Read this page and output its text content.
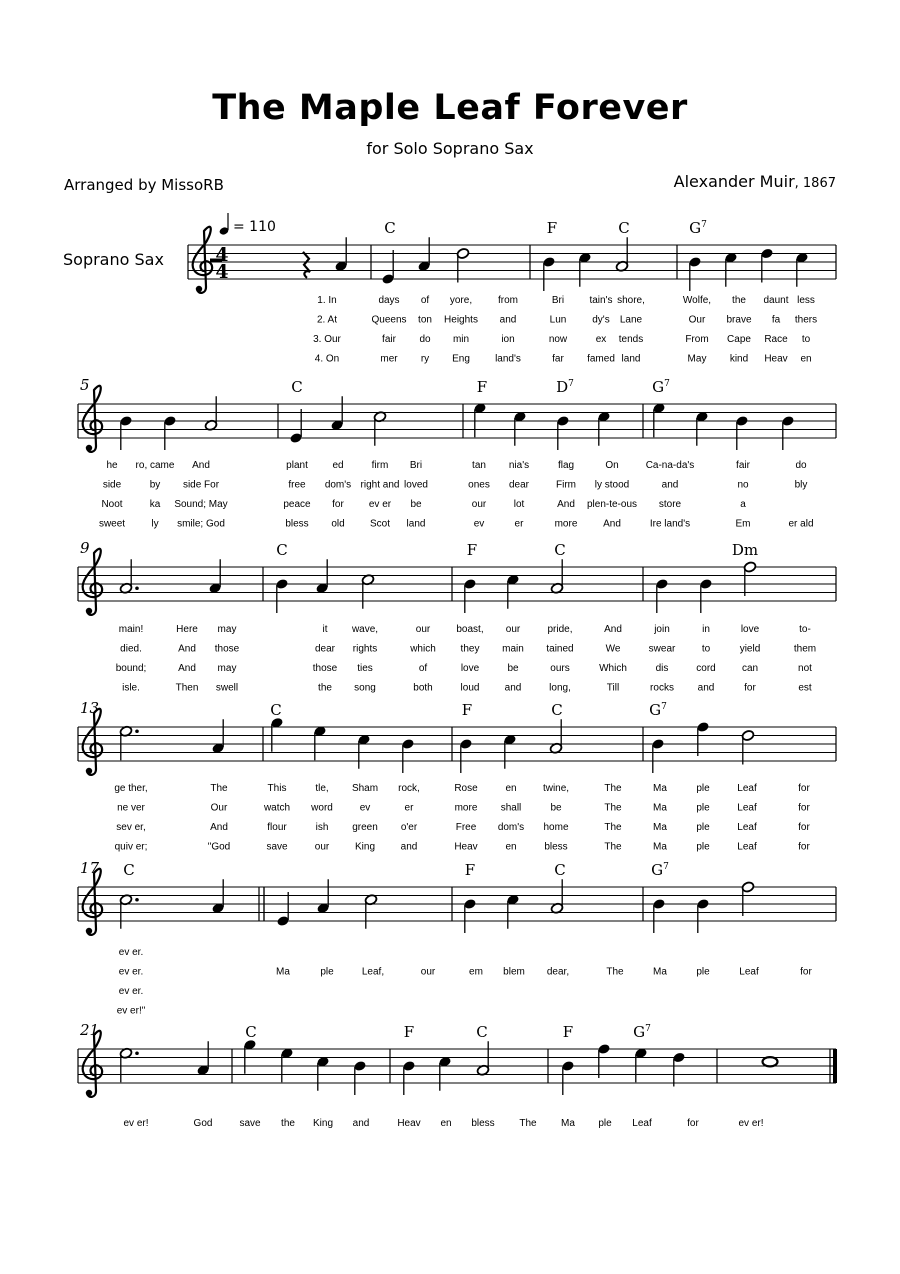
The Maple Leaf Forever
for Solo Soprano Sax
Arranged by MissoRB	Alexander Muir, 1867
Soprano Sax
C	F	C	$G^7$
1. In	days of yore,	from	Bri	tain's shore,	Wolfe, the daunt less
2. At	Queens ton Heights and	Lun	dy's Lane	Our brave fa thers
3. Our	fair do min	ion	now	ex tends	From Cape Race to
4. On	mer ry Eng	land's	far famed land	May kind Heav en
C	F	$D^7$	$G^7$
he ro, came And	plant ed	firm Bri	tan nia's	flag	On	Ca-na-da's	fair	do
side	by side For	free dom's right and loved	ones dear	Firm ly stood	and	no	bly
Noot	ka Sound; May	peace for	ev er be	our	lot	And plen-te-ous store	a
sweet	ly smile; God	bless old	Scot land	ev	er	more	And	Ire land's	Em	er ald
5
C	F	C	Dm
main!	Here may	it wave,	our	boast, our	pride,	And	join	in	love	to-
died.	And those	dear rights	which they main tained	We	swear	to	yield	them
bound;	And may	those ties	of	love	be	ours	Which	dis	cord	can	not
isle.	Then swell	the song	both	loud	and	long,	Till	rocks and	for	est
9
C	F	C	$G^7$
ge ther,	The	This	tle, Sham rock,	Rose	en	twine,	The	Ma	ple	Leaf	for
ne ver	Our	watch word	ev	er	more shall	be	The	Ma	ple	Leaf	for
sev er,	And	flour	ish green o'er	Free dom's home	The	Ma	ple	Leaf	for
quiv er;	"God	save	our	King	and	Heav	en	bless	The	Ma	ple	Leaf	for
13
C	F	C	$G^7$
ev er.
ev er.	Ma	ple	Leaf,	our	em blem dear,	The	Ma	ple	Leaf	for
ev er.
ev er!"
17
C	F	C	F	$G^7$
ev er!	God	save the King and	Heav en bless The Ma ple Leaf	for	ev er!
21
4
4
= 110
